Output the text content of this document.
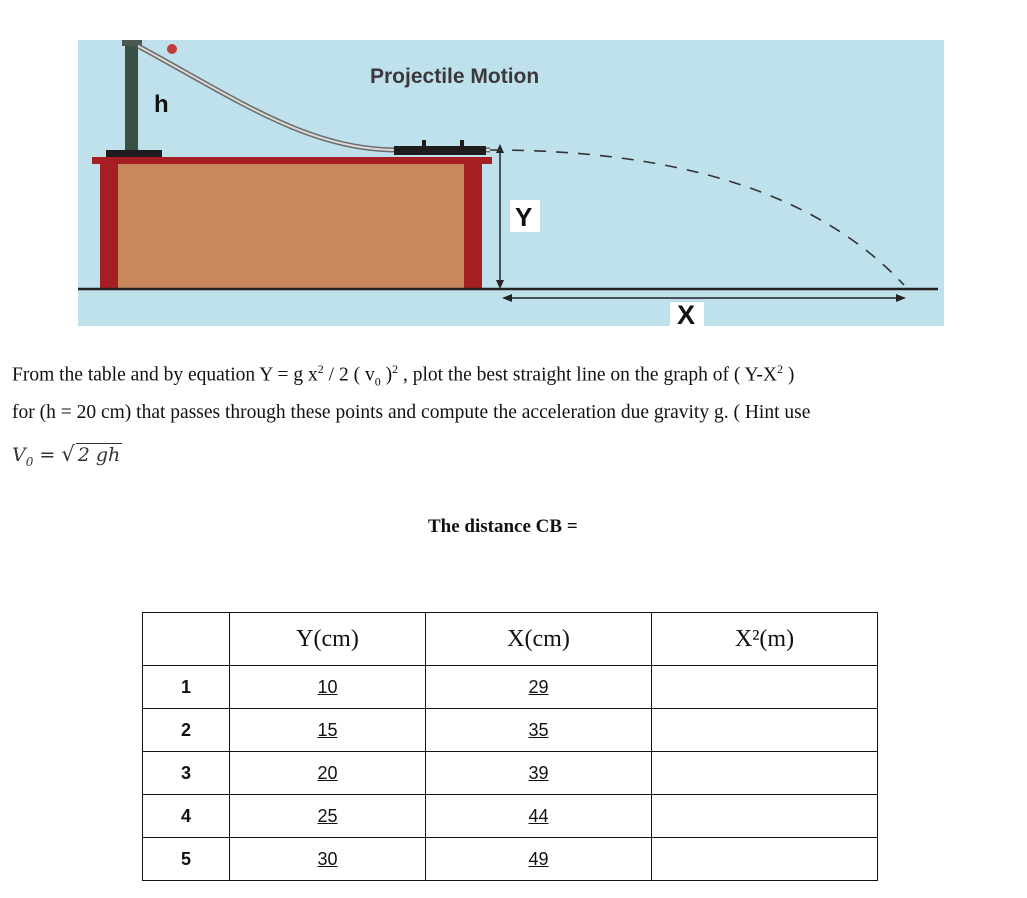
Projectile Motion
h
Y
X
From the table and by equation Y = g $x^2 / 2$ ( $v_0$ )$^2$ , plot the best straight line on the graph of ( $Y-X^2$ )
for (h = 20 cm) that passes through these points and compute the acceleration due gravity g. ( Hint use
$V_0$ = √ 2 gh
The distance CB =
	Y(cm)	X(cm)	X²(m)
1	10	29	
2	15	35	
3	20	39	
4	25	44	
5	30	49	
